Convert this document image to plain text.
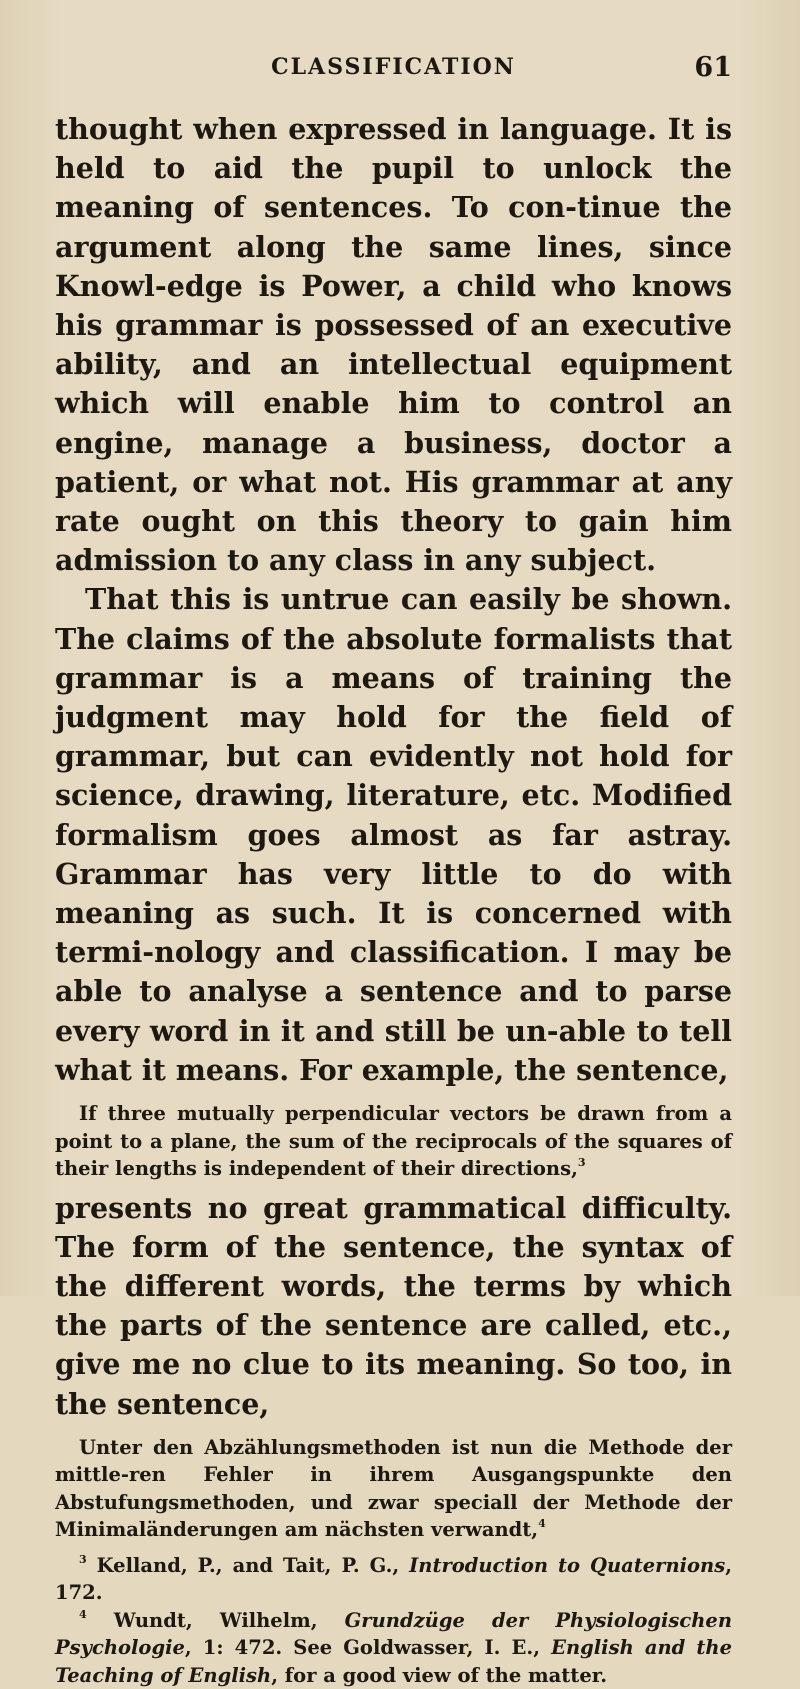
CLASSIFICATION	61

thought when expressed in language. It is held to aid the pupil to unlock the meaning of sentences. To con-tinue the argument along the same lines, since Knowl-edge is Power, a child who knows his grammar is possessed of an executive ability, and an intellectual equipment which will enable him to control an engine, manage a business, doctor a patient, or what not. His grammar at any rate ought on this theory to gain him admission to any class in any subject.

That this is untrue can easily be shown. The claims of the absolute formalists that grammar is a means of training the judgment may hold for the field of grammar, but can evidently not hold for science, drawing, literature, etc. Modified formalism goes almost as far astray. Grammar has very little to do with meaning as such. It is concerned with termi-nology and classification. I may be able to analyse a sentence and to parse every word in it and still be un-able to tell what it means. For example, the sentence,

If three mutually perpendicular vectors be drawn from a point to a plane, the sum of the reciprocals of the squares of their lengths is independent of their directions,$^3$

presents no great grammatical difficulty. The form of the sentence, the syntax of the different words, the terms by which the parts of the sentence are called, etc., give me no clue to its meaning. So too, in the sentence,

Unter den Abzählungsmethoden ist nun die Methode der mittle-ren Fehler in ihrem Ausgangspunkte den Abstufungsmethoden, und zwar speciall der Methode der Minimaländerungen am nächsten verwandt,$^4$

$^3$ Kelland, P., and Tait, P. G., Introduction to Quaternions, 172.

$^4$ Wundt, Wilhelm, Grundzüge der Physiologischen Psychologie, 1: 472. See Goldwasser, I. E., English and the Teaching of English, for a good view of the matter.
